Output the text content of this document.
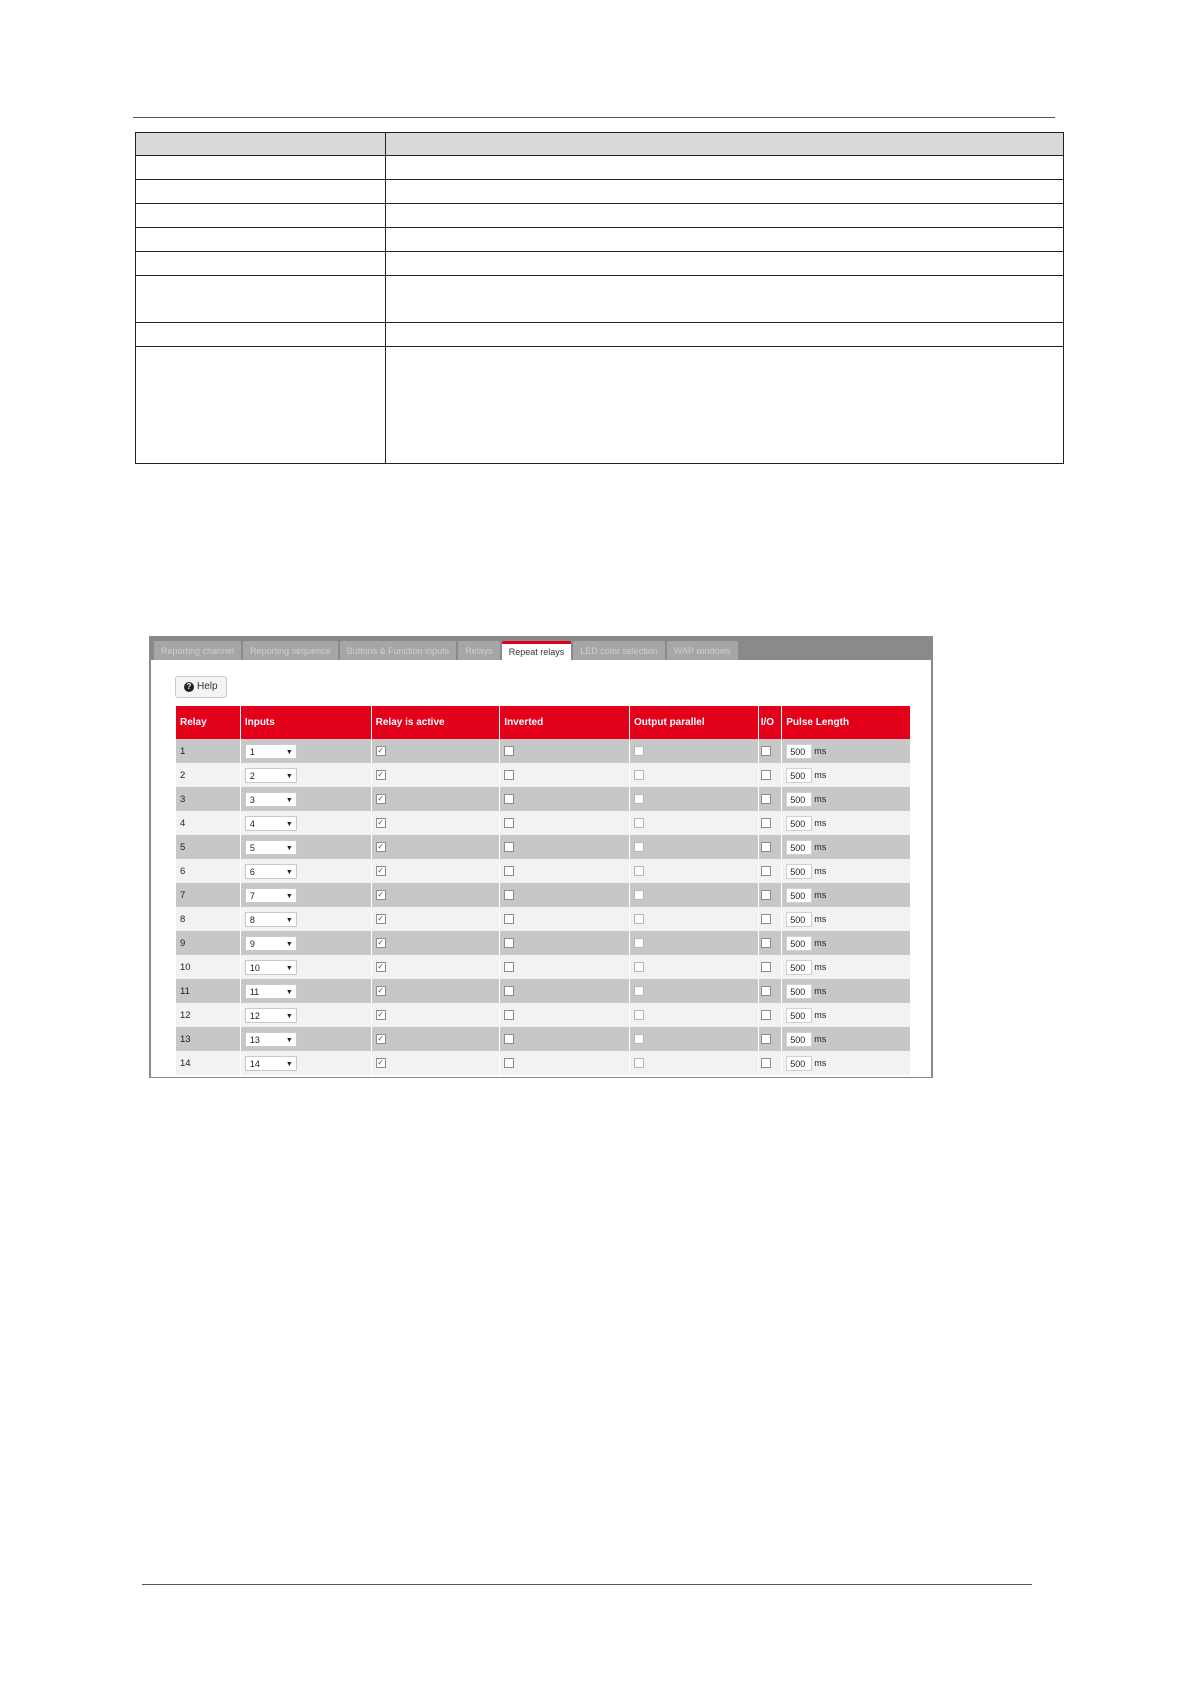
Reporting channel	Reporting sequence	Buttons & Function inputs	Relays	Repeat relays	LED color selection	WAP windows
? Help
Relay	Inputs	Relay is active	Inverted	Output parallel	I/O	Pulse Length
1	1 ▼	✓				500 ms
2	2 ▼	✓				500 ms
3	3 ▼	✓				500 ms
4	4 ▼	✓				500 ms
5	5 ▼	✓				500 ms
6	6 ▼	✓				500 ms
7	7 ▼	✓				500 ms
8	8 ▼	✓				500 ms
9	9 ▼	✓				500 ms
10	10 ▼	✓				500 ms
11	11 ▼	✓				500 ms
12	12 ▼	✓				500 ms
13	13 ▼	✓				500 ms
14	14 ▼	✓				500 ms
